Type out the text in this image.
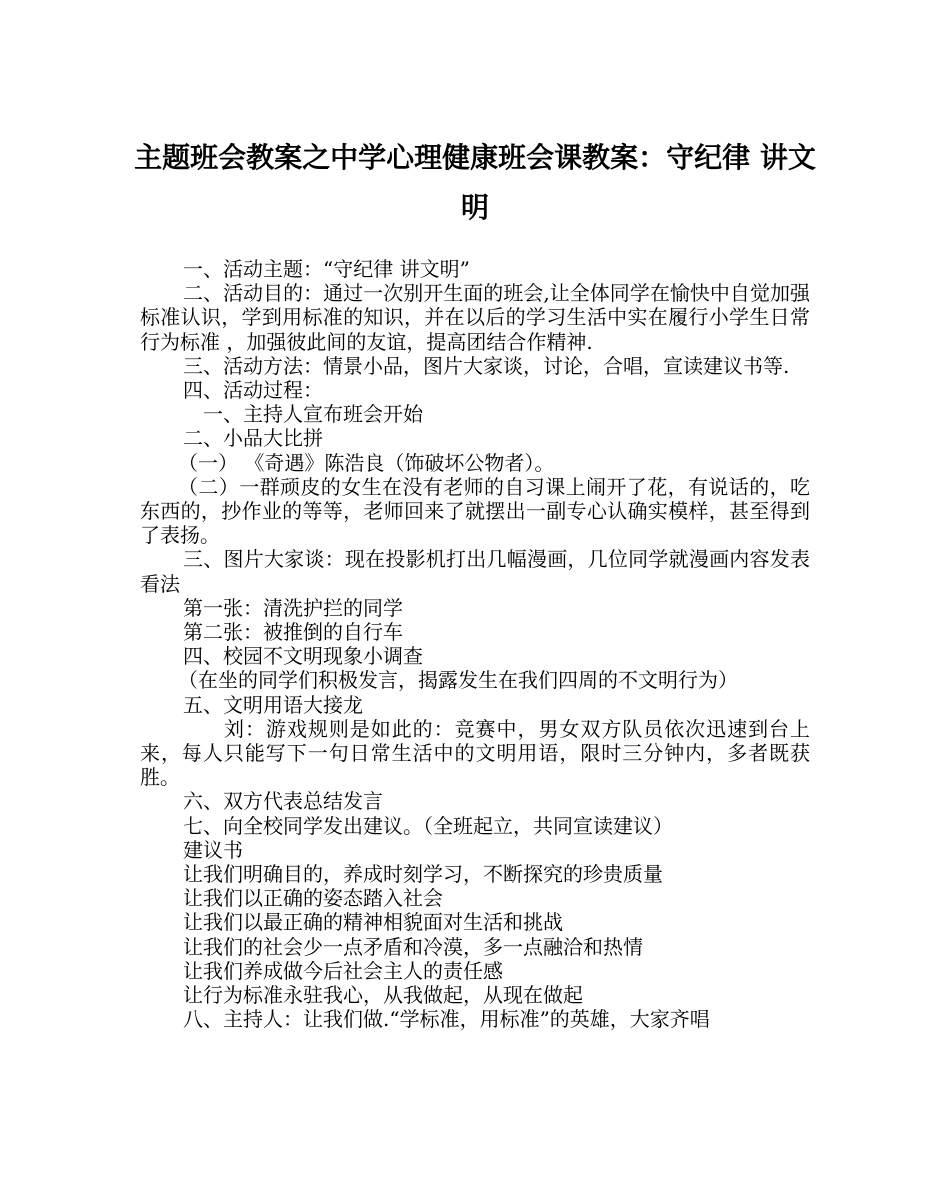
主题班会教案之中学心理健康班会课教案：守纪律 讲文明

一、活动主题：“守纪律 讲文明”

二、活动目的：通过一次别开生面的班会,让全体同学在愉快中自觉加强标准认识，学到用标准的知识，并在以后的学习生活中实在履行小学生日常行为标准 ，加强彼此间的友谊，提高团结合作精神.

三、活动方法：情景小品，图片大家谈，讨论，合唱，宣读建议书等.

四、活动过程：

一、主持人宣布班会开始

二、小品大比拼

（一） 《奇遇》陈浩良（饰破坏公物者）。

（二）一群顽皮的女生在没有老师的自习课上闹开了花，有说话的，吃东西的，抄作业的等等，老师回来了就摆出一副专心认确实模样，甚至得到了表扬。

三、图片大家谈：现在投影机打出几幅漫画，几位同学就漫画内容发表看法

第一张：清洗护拦的同学

第二张：被推倒的自行车

四、校园不文明现象小调查

（在坐的同学们积极发言，揭露发生在我们四周的不文明行为）

五、文明用语大接龙

刘：游戏规则是如此的：竞赛中，男女双方队员依次迅速到台上来，每人只能写下一句日常生活中的文明用语，限时三分钟内，多者既获胜。

六、双方代表总结发言

七、向全校同学发出建议。（全班起立，共同宣读建议）

建议书

让我们明确目的，养成时刻学习，不断探究的珍贵质量

让我们以正确的姿态踏入社会

让我们以最正确的精神相貌面对生活和挑战

让我们的社会少一点矛盾和冷漠，多一点融洽和热情

让我们养成做今后社会主人的责任感

让行为标准永驻我心，从我做起，从现在做起

八、主持人：让我们做.“学标准，用标准”的英雄，大家齐唱
